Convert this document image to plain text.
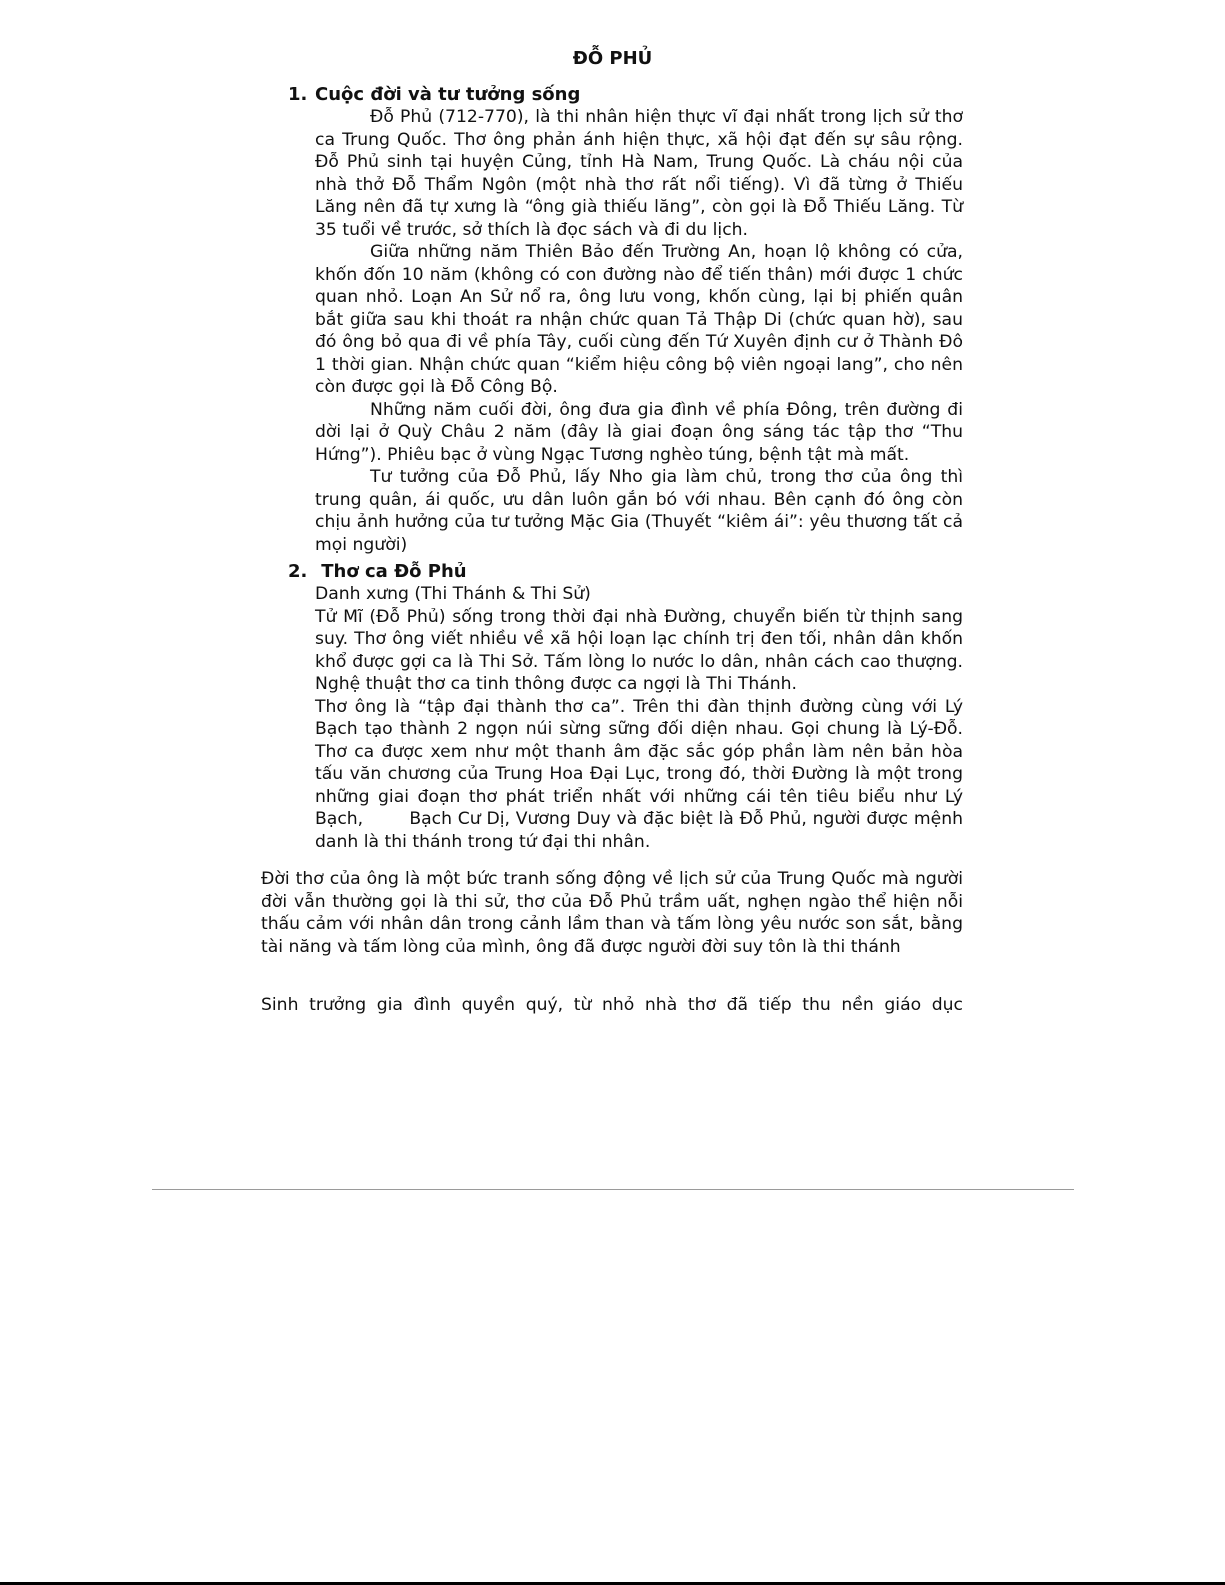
ĐỖ PHỦ
1. Cuộc đời và tư tưởng sống

Đỗ Phủ (712-770), là thi nhân hiện thực vĩ đại nhất trong lịch sử thơ ca Trung Quốc. Thơ ông phản ánh hiện thực, xã hội đạt đến sự sâu rộng. Đỗ Phủ sinh tại huyện Củng, tỉnh Hà Nam, Trung Quốc. Là cháu nội của nhà thở Đỗ Thẩm Ngôn (một nhà thơ rất nổi tiếng). Vì đã từng ở Thiếu Lăng nên đã tự xưng là “ông già thiếu lăng”, còn gọi là Đỗ Thiếu Lăng. Từ 35 tuổi về trước, sở thích là đọc sách và đi du lịch.

Giữa những năm Thiên Bảo đến Trường An, hoạn lộ không có cửa, khốn đốn 10 năm (không có con đường nào để tiến thân) mới được 1 chức quan nhỏ. Loạn An Sử nổ ra, ông lưu vong, khốn cùng, lại bị phiến quân bắt giữa sau khi thoát ra nhận chức quan Tả Thập Di (chức quan hờ), sau đó ông bỏ qua đi về phía Tây, cuối cùng đến Tứ Xuyên định cư ở Thành Đô 1 thời gian. Nhận chức quan “kiểm hiệu công bộ viên ngoại lang”, cho nên còn được gọi là Đỗ Công Bộ.

Những năm cuối đời, ông đưa gia đình về phía Đông, trên đường đi dời lại ở Quỳ Châu 2 năm (đây là giai đoạn ông sáng tác tập thơ “Thu Hứng”). Phiêu bạc ở vùng Ngạc Tương nghèo túng, bệnh tật mà mất.

Tư tưởng của Đỗ Phủ, lấy Nho gia làm chủ, trong thơ của ông thì trung quân, ái quốc, ưu dân luôn gắn bó với nhau. Bên cạnh đó ông còn chịu ảnh hưởng của tư tưởng Mặc Gia (Thuyết “kiêm ái”: yêu thương tất cả mọi người)

2. Thơ ca Đỗ Phủ

Danh xưng (Thi Thánh & Thi Sử)

Tử Mĩ (Đỗ Phủ) sống trong thời đại nhà Đường, chuyển biến từ thịnh sang suy. Thơ ông viết nhiều về xã hội loạn lạc chính trị đen tối, nhân dân khốn khổ được gợi ca là Thi Sở. Tấm lòng lo nước lo dân, nhân cách cao thượng. Nghệ thuật thơ ca tinh thông được ca ngợi là Thi Thánh.

Thơ ông là “tập đại thành thơ ca”. Trên thi đàn thịnh đường cùng với Lý Bạch tạo thành 2 ngọn núi sừng sững đối diện nhau. Gọi chung là Lý-Đỗ. Thơ ca được xem như một thanh âm đặc sắc góp phần làm nên bản hòa tấu văn chương của Trung Hoa Đại Lục, trong đó, thời Đường là một trong những giai đoạn thơ phát triển nhất với những cái tên tiêu biểu như Lý Bạch,        Bạch Cư Dị, Vương Duy và đặc biệt là Đỗ Phủ, người được mệnh danh là thi thánh trong tứ đại thi nhân.

Đời thơ của ông là một bức tranh sống động về lịch sử của Trung Quốc mà người đời vẫn thường gọi là thi sử, thơ của Đỗ Phủ trầm uất, nghẹn ngào thể hiện nỗi thấu cảm với nhân dân trong cảnh lầm than và tấm lòng yêu nước son sắt, bằng tài năng và tấm lòng của mình, ông đã được người đời suy tôn là thi thánh

Sinh trưởng gia đình quyền quý, từ nhỏ nhà thơ đã tiếp thu nền giáo dục
